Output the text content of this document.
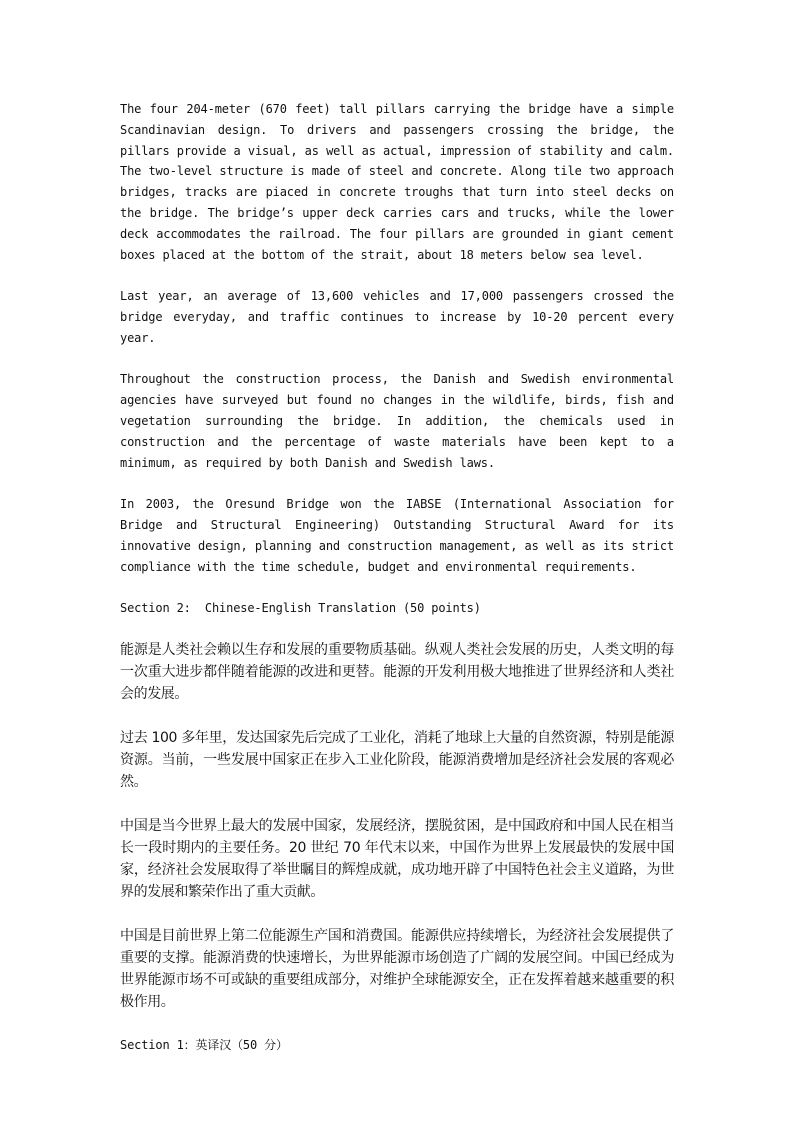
The four 204-meter (670 feet) tall pillars carrying the bridge have a simple Scandinavian design. To drivers and passengers crossing the bridge, the pillars provide a visual, as well as actual, impression of stability and calm. The two-level structure is made of steel and concrete. Along tile two approach bridges, tracks are piaced in concrete troughs that turn into steel decks on the bridge. The bridge’s upper deck carries cars and trucks, while the lower deck accommodates the railroad. The four pillars are grounded in giant cement boxes placed at the bottom of the strait, about 18 meters below sea level.

Last year, an average of 13,600 vehicles and 17,000 passengers crossed the bridge everyday, and traffic continues to increase by 10-20 percent every year.

Throughout the construction process, the Danish and Swedish environmental agencies have surveyed but found no changes in the wildlife, birds, fish and vegetation surrounding the bridge. In addition, the chemicals used in construction and the percentage of waste materials have been kept to a minimum, as required by both Danish and Swedish laws.

In 2003, the Oresund Bridge won the IABSE (International Association for Bridge and Structural Engineering) Outstanding Structural Award for its innovative design, planning and construction management, as well as its strict compliance with the time schedule, budget and environmental requirements.

Section 2:  Chinese-English Translation (50 points)

能源是人类社会赖以生存和发展的重要物质基础。纵观人类社会发展的历史，人类文明的每一次重大进步都伴随着能源的改进和更替。能源的开发利用极大地推进了世界经济和人类社会的发展。

过去 100 多年里，发达国家先后完成了工业化，消耗了地球上大量的自然资源，特别是能源资源。当前，一些发展中国家正在步入工业化阶段，能源消费增加是经济社会发展的客观必然。

中国是当今世界上最大的发展中国家，发展经济，摆脱贫困，是中国政府和中国人民在相当长一段时期内的主要任务。20 世纪 70 年代末以来，中国作为世界上发展最快的发展中国家，经济社会发展取得了举世瞩目的辉煌成就，成功地开辟了中国特色社会主义道路，为世界的发展和繁荣作出了重大贡献。

中国是目前世界上第二位能源生产国和消费国。能源供应持续增长，为经济社会发展提供了重要的支撑。能源消费的快速增长，为世界能源市场创造了广阔的发展空间。中国已经成为世界能源市场不可或缺的重要组成部分，对维护全球能源安全，正在发挥着越来越重要的积极作用。

Section 1：英译汉（50 分）
